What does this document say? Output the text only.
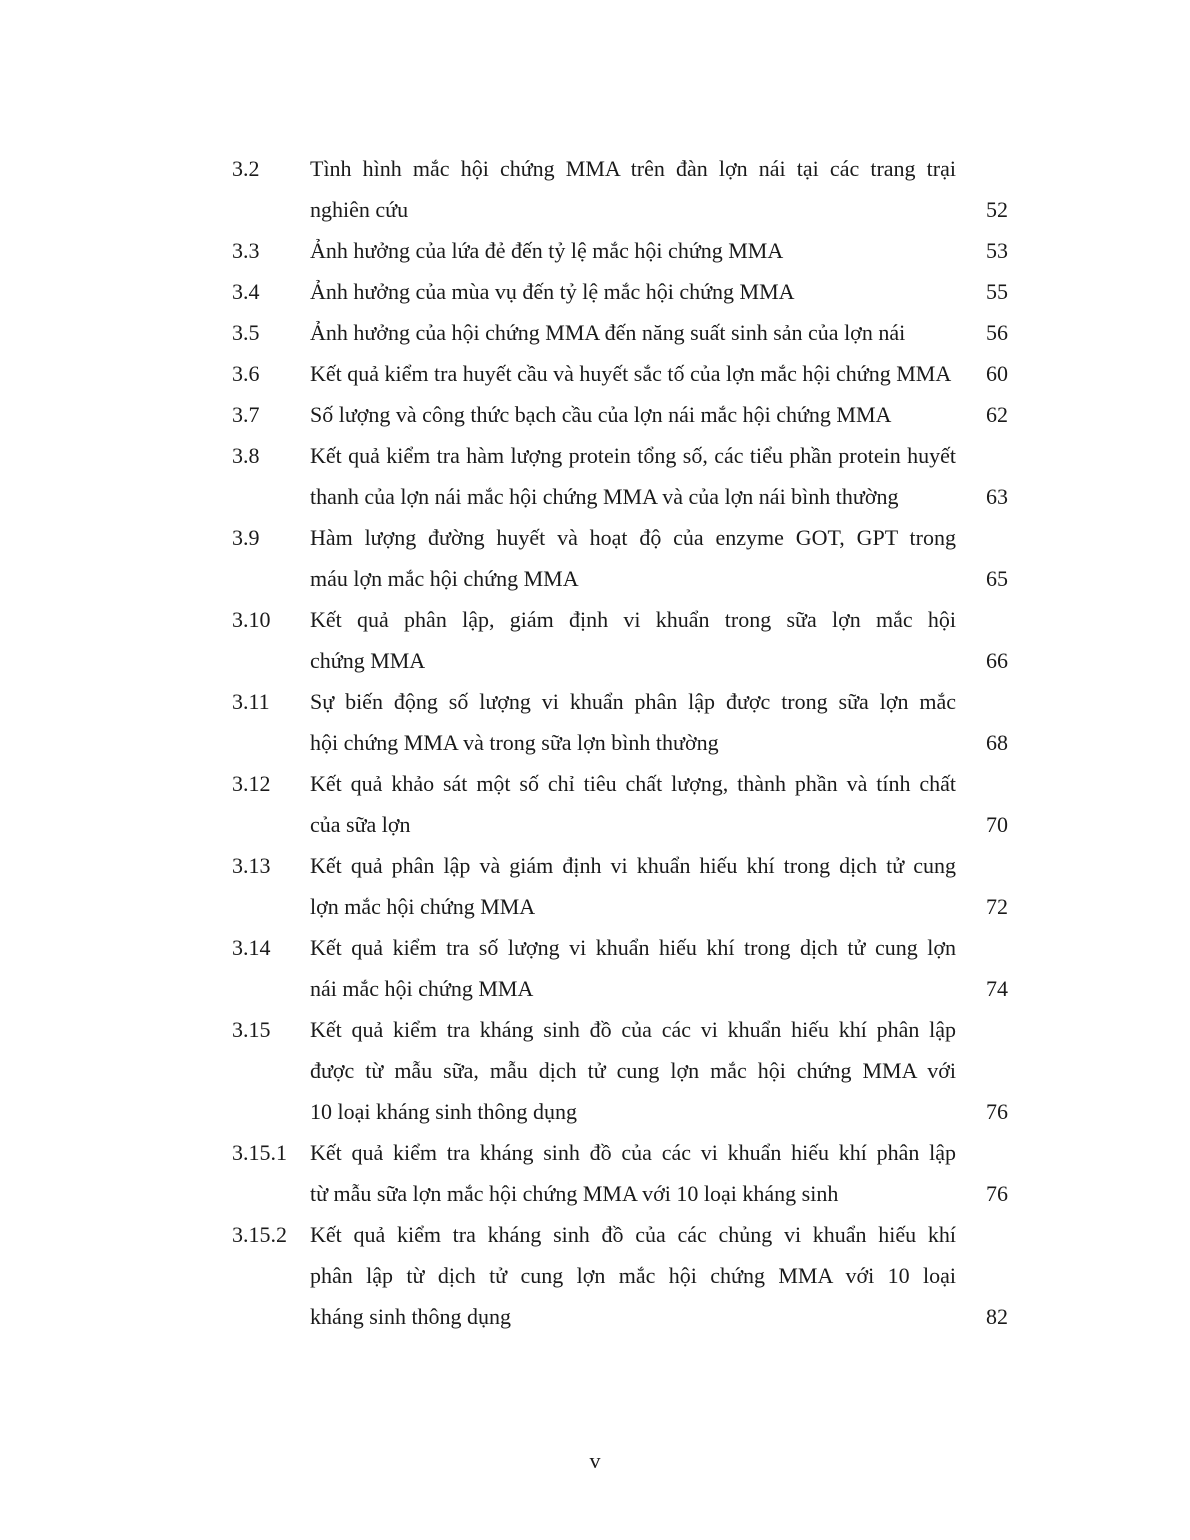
3.2	Tình hình mắc hội chứng MMA trên đàn lợn nái tại các trang trại
nghiên cứu	52
3.3	Ảnh hưởng của lứa đẻ đến tỷ lệ mắc hội chứng MMA	53
3.4	Ảnh hưởng của mùa vụ đến tỷ lệ mắc hội chứng MMA	55
3.5	Ảnh hưởng của hội chứng MMA đến năng suất sinh sản của lợn nái	56
3.6	Kết quả kiểm tra huyết cầu và huyết sắc tố của lợn mắc hội chứng MMA	60
3.7	Số lượng và công thức bạch cầu của lợn nái mắc hội chứng MMA	62
3.8	Kết quả kiểm tra hàm lượng protein tổng số, các tiểu phần protein huyết
thanh của lợn nái mắc hội chứng MMA và của lợn nái bình thường	63
3.9	Hàm lượng đường huyết và hoạt độ của enzyme GOT, GPT trong
máu lợn mắc hội chứng MMA	65
3.10	Kết quả phân lập, giám định vi khuẩn trong sữa lợn mắc hội
chứng MMA	66
3.11	Sự biến động số lượng vi khuẩn phân lập được trong sữa lợn mắc
hội chứng MMA và trong sữa lợn bình thường	68
3.12	Kết quả khảo sát một số chỉ tiêu chất lượng, thành phần và tính chất
của sữa lợn	70
3.13	Kết quả phân lập và giám định vi khuẩn hiếu khí trong dịch tử cung
lợn mắc hội chứng MMA	72
3.14	Kết quả kiểm tra số lượng vi khuẩn hiếu khí trong dịch tử cung lợn
nái mắc hội chứng MMA	74
3.15	Kết quả kiểm tra kháng sinh đồ của các vi khuẩn hiếu khí phân lập
được từ mẫu sữa, mẫu dịch tử cung lợn mắc hội chứng MMA với
10 loại kháng sinh thông dụng	76
3.15.1	Kết quả kiểm tra kháng sinh đồ của các vi khuẩn hiếu khí phân lập
từ mẫu sữa lợn mắc hội chứng MMA với 10 loại kháng sinh	76
3.15.2	Kết quả kiểm tra kháng sinh đồ của các chủng vi khuẩn hiếu khí
phân lập từ dịch tử cung lợn mắc hội chứng MMA với 10 loại
kháng sinh thông dụng	82
v
